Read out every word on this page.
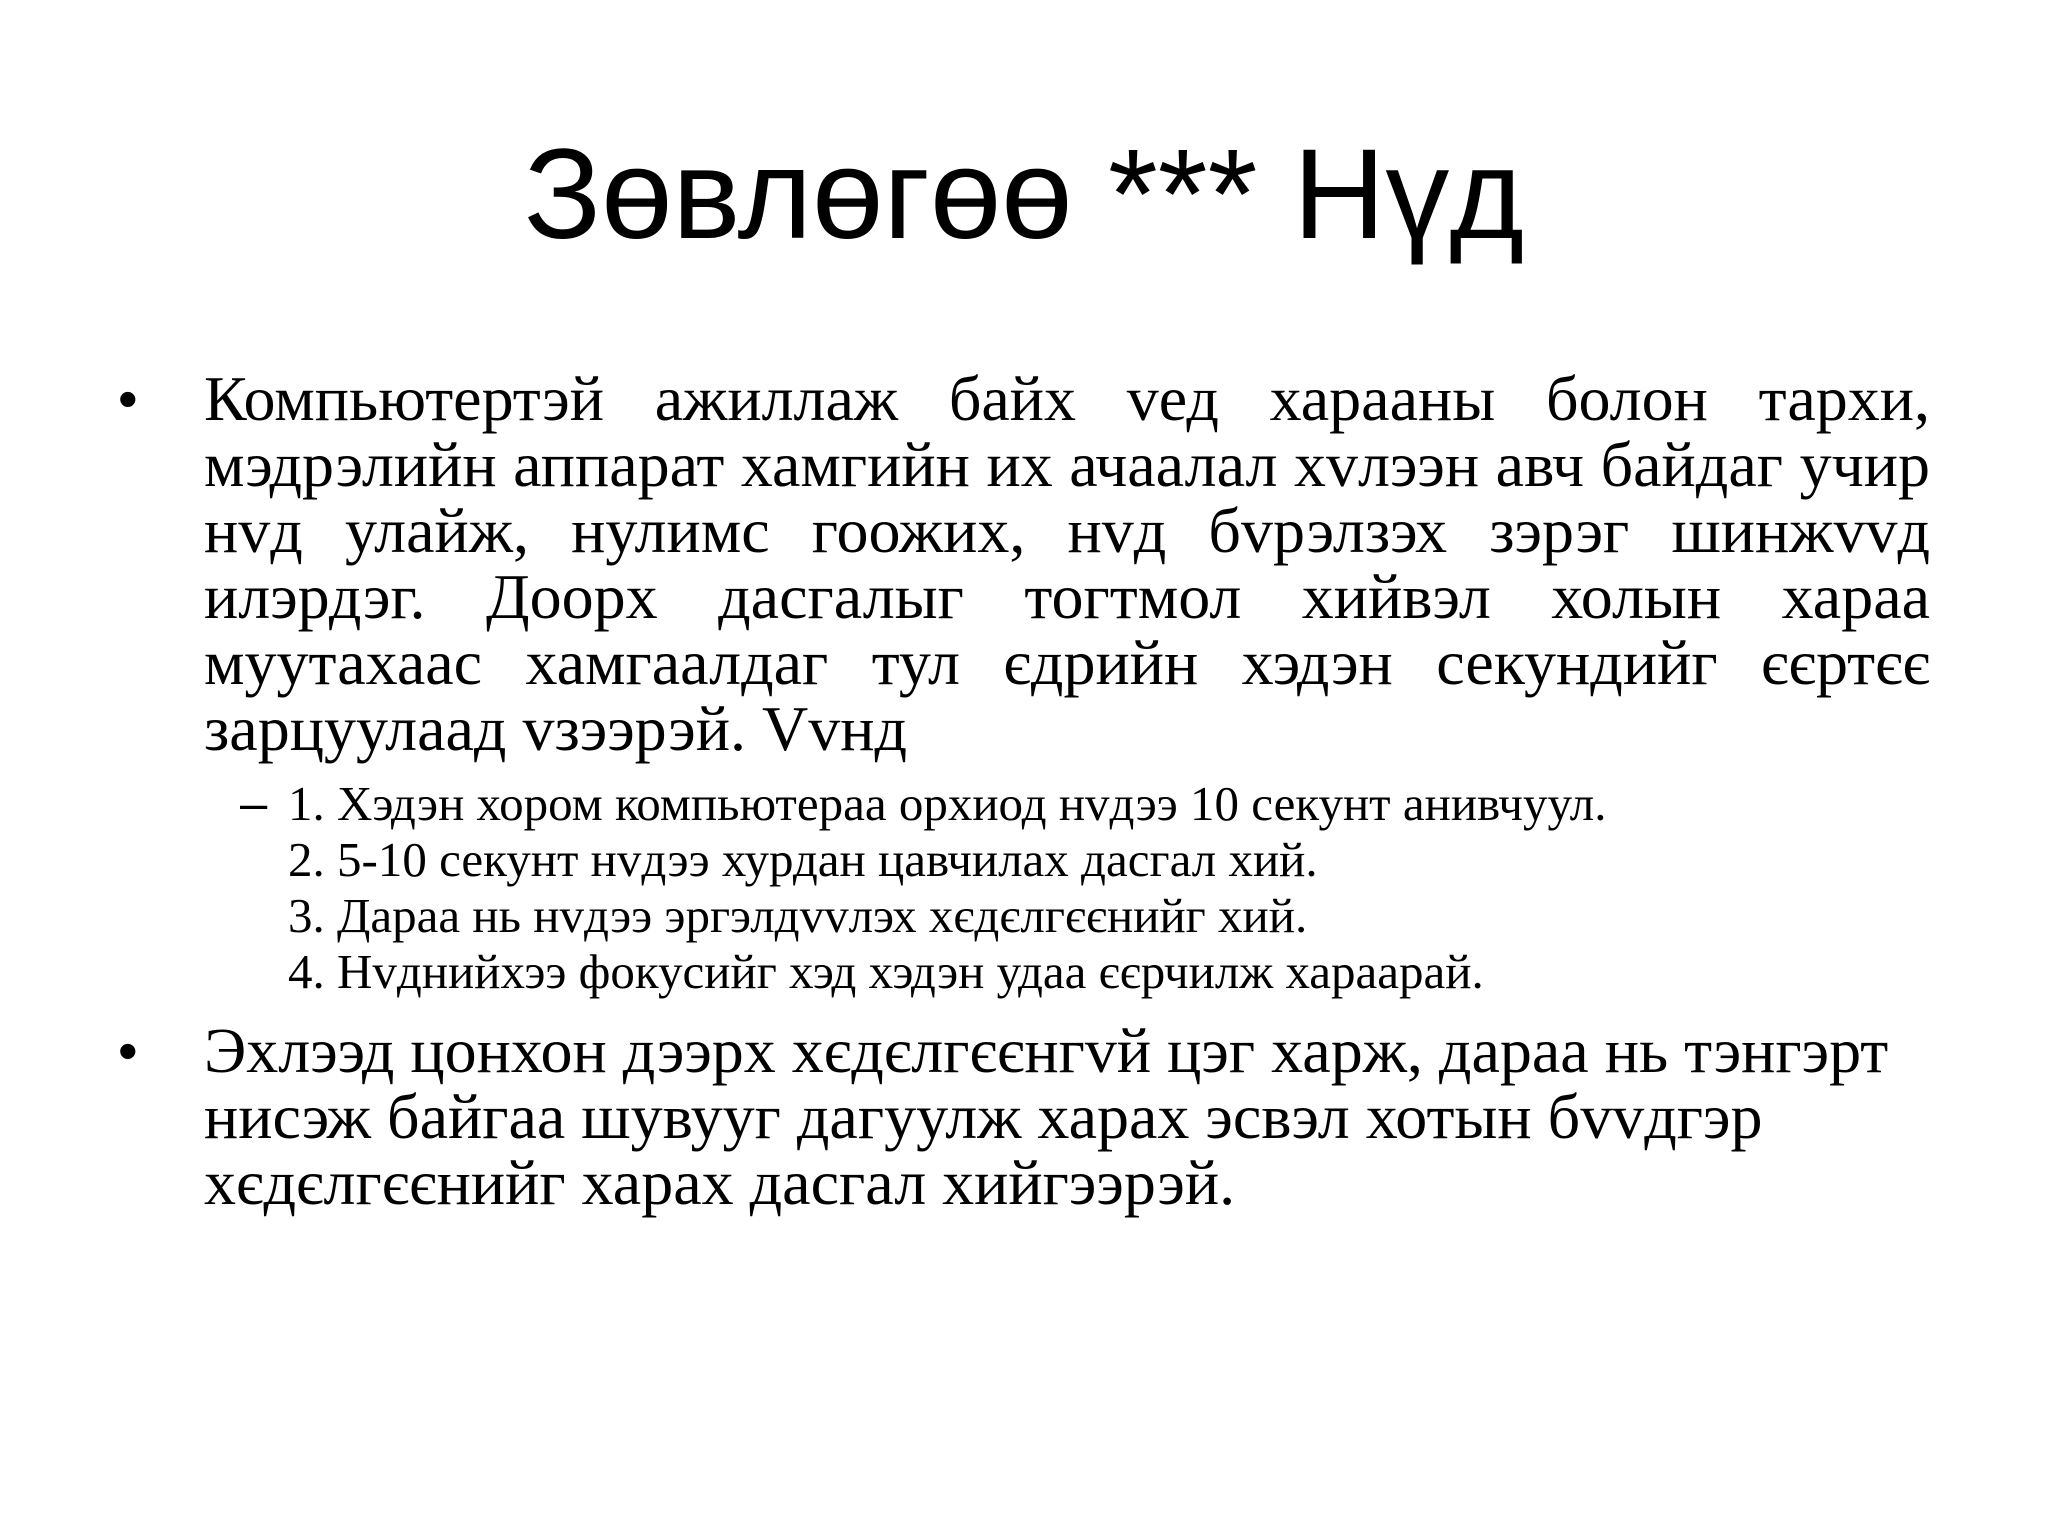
Зөвлөгөө *** Нүд
• Компьютертэй ажиллаж байх vед харааны болон тархи, мэдрэлийн аппарат хамгийн их ачаалал хvлээн авч байдаг учир нvд улайж, нулимс гоожих, нvд бvрэлзэх зэрэг шинжvvд илэрдэг. Доорх дасгалыг тогтмол хийвэл холын хараа муутахаас хамгаалдаг тул єдрийн хэдэн секундийг єєртєє зарцуулаад vзээрэй. Vvнд
– 1. Хэдэн хором компьютераа орхиод нvдээ 10 секунт анивчуул.
2. 5-10 секунт нvдээ хурдан цавчилах дасгал хий.
3. Дараа нь нvдээ эргэлдvvлэх хєдєлгєєнийг хий.
4. Нvднийхээ фокусийг хэд хэдэн удаа єєрчилж хараарай.
• Эхлээд цонхон дээрх хєдєлгєєнгvй цэг харж, дараа нь тэнгэрт нисэж байгаа шувууг дагуулж харах эсвэл хотын бvvдгэр хєдєлгєєнийг харах дасгал хийгээрэй.
